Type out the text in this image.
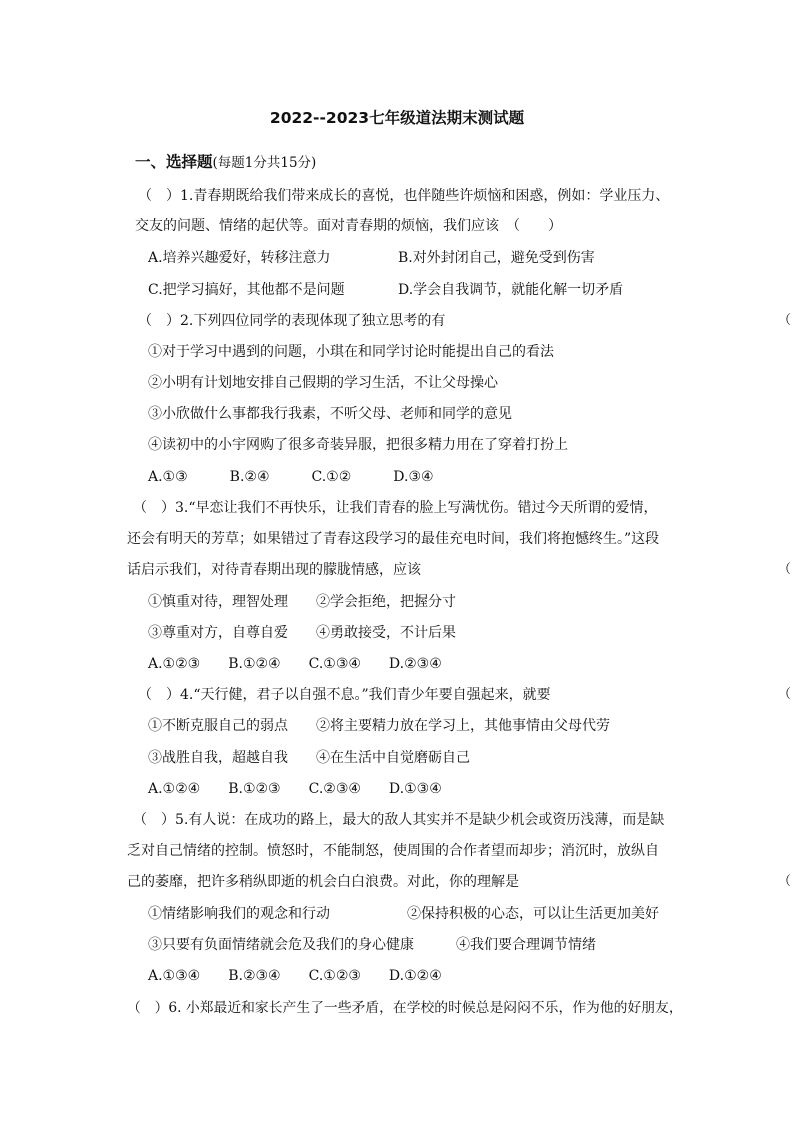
2022--2023七年级道法期末测试题
一、选择题(每题1分共15分)
（　）1.青春期既给我们带来成长的喜悦，也伴随些许烦恼和困惑，例如：学业压力、
交友的问题、情绪的起伏等。面对青春期的烦恼，我们应该　（　　）
A.培养兴趣爱好，转移注意力	B.对外封闭自己，避免受到伤害
C.把学习搞好，其他都不是问题	D.学会自我调节，就能化解一切矛盾
（　）2.下列四位同学的表现体现了独立思考的有	（
①对于学习中遇到的问题，小琪在和同学讨论时能提出自己的看法
②小明有计划地安排自己假期的学习生活，不让父母操心
③小欣做什么事都我行我素，不听父母、老师和同学的意见
④读初中的小宇网购了很多奇装异服，把很多精力用在了穿着打扮上
A.①③　　　B.②④　　　C.①②　　　D.③④
（　）3.“早恋让我们不再快乐，让我们青春的脸上写满忧伤。错过今天所谓的爱情，
还会有明天的芳草；如果错过了青春这段学习的最佳充电时间，我们将抱憾终生。”这段
话启示我们，对待青春期出现的朦胧情感，应该	（
①慎重对待，理智处理　　②学会拒绝，把握分寸
③尊重对方，自尊自爱　　④勇敢接受，不计后果
A.①②③　　B.①②④　　C.①③④　　D.②③④
（　）4.“天行健，君子以自强不息。”我们青少年要自强起来，就要	（
①不断克服自己的弱点　　②将主要精力放在学习上，其他事情由父母代劳
③战胜自我，超越自我　　④在生活中自觉磨砺自己
A.①②④　　B.①②③　　C.②③④　　D.①③④
（　）5.有人说：在成功的路上，最大的敌人其实并不是缺少机会或资历浅薄，而是缺
乏对自己情绪的控制。愤怒时，不能制怒，使周围的合作者望而却步；消沉时，放纵自
己的萎靡，把许多稍纵即逝的机会白白浪费。对此，你的理解是	（
①情绪影响我们的观念和行动	②保持积极的心态，可以让生活更加美好
③只要有负面情绪就会危及我们的身心健康	④我们要合理调节情绪
A.①③④　　B.②③④　　C.①②③　　D.①②④
（　）6. 小郑最近和家长产生了一些矛盾，在学校的时候总是闷闷不乐，作为他的好朋友，
